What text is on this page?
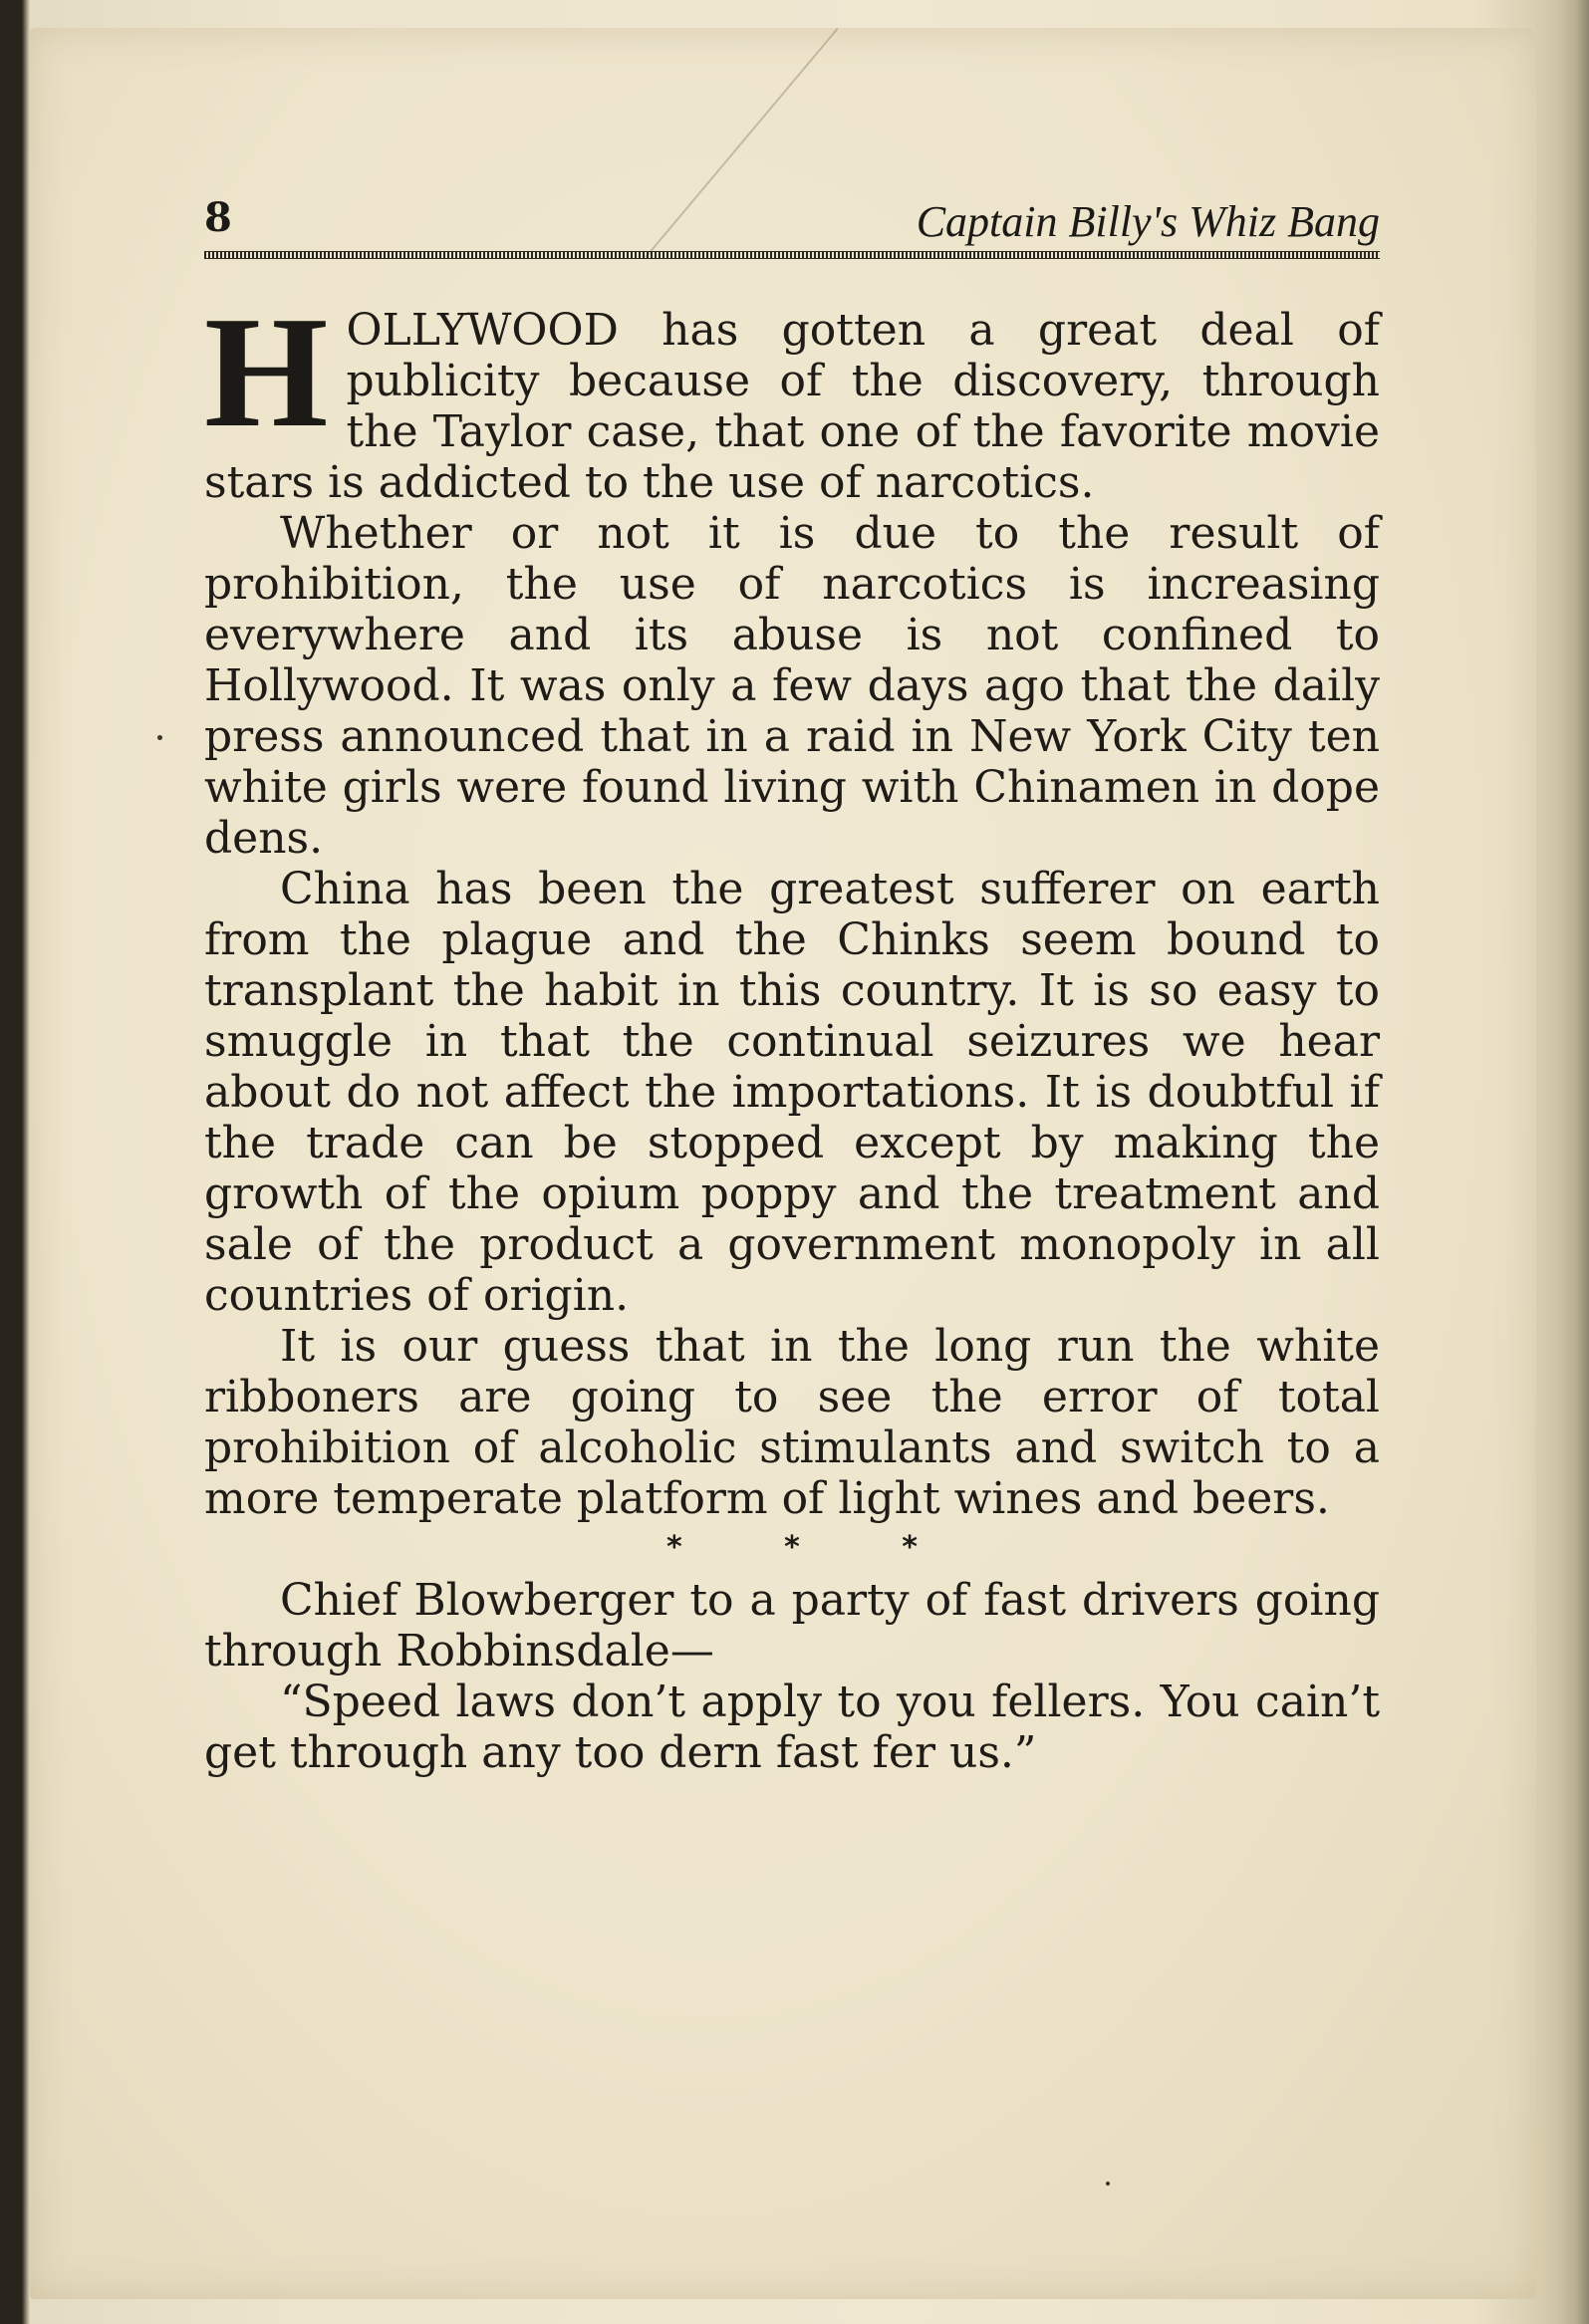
8	Captain Billy's Whiz Bang

HOLLYWOOD has gotten a great deal of publicity because of the discovery, through the Taylor case, that one of the favorite movie stars is addicted to the use of narcotics.

Whether or not it is due to the result of prohibition, the use of narcotics is increasing everywhere and its abuse is not confined to Hollywood. It was only a few days ago that the daily press announced that in a raid in New York City ten white girls were found living with Chinamen in dope dens.

China has been the greatest sufferer on earth from the plague and the Chinks seem bound to transplant the habit in this country. It is so easy to smuggle in that the continual seizures we hear about do not affect the importations. It is doubtful if the trade can be stopped except by making the growth of the opium poppy and the treatment and sale of the product a government monopoly in all countries of origin.

It is our guess that in the long run the white ribboners are going to see the error of total prohibition of alcoholic stimulants and switch to a more temperate platform of light wines and beers.

* * *

Chief Blowberger to a party of fast drivers going through Robbinsdale—

“Speed laws don’t apply to you fellers. You cain’t get through any too dern fast fer us.”
